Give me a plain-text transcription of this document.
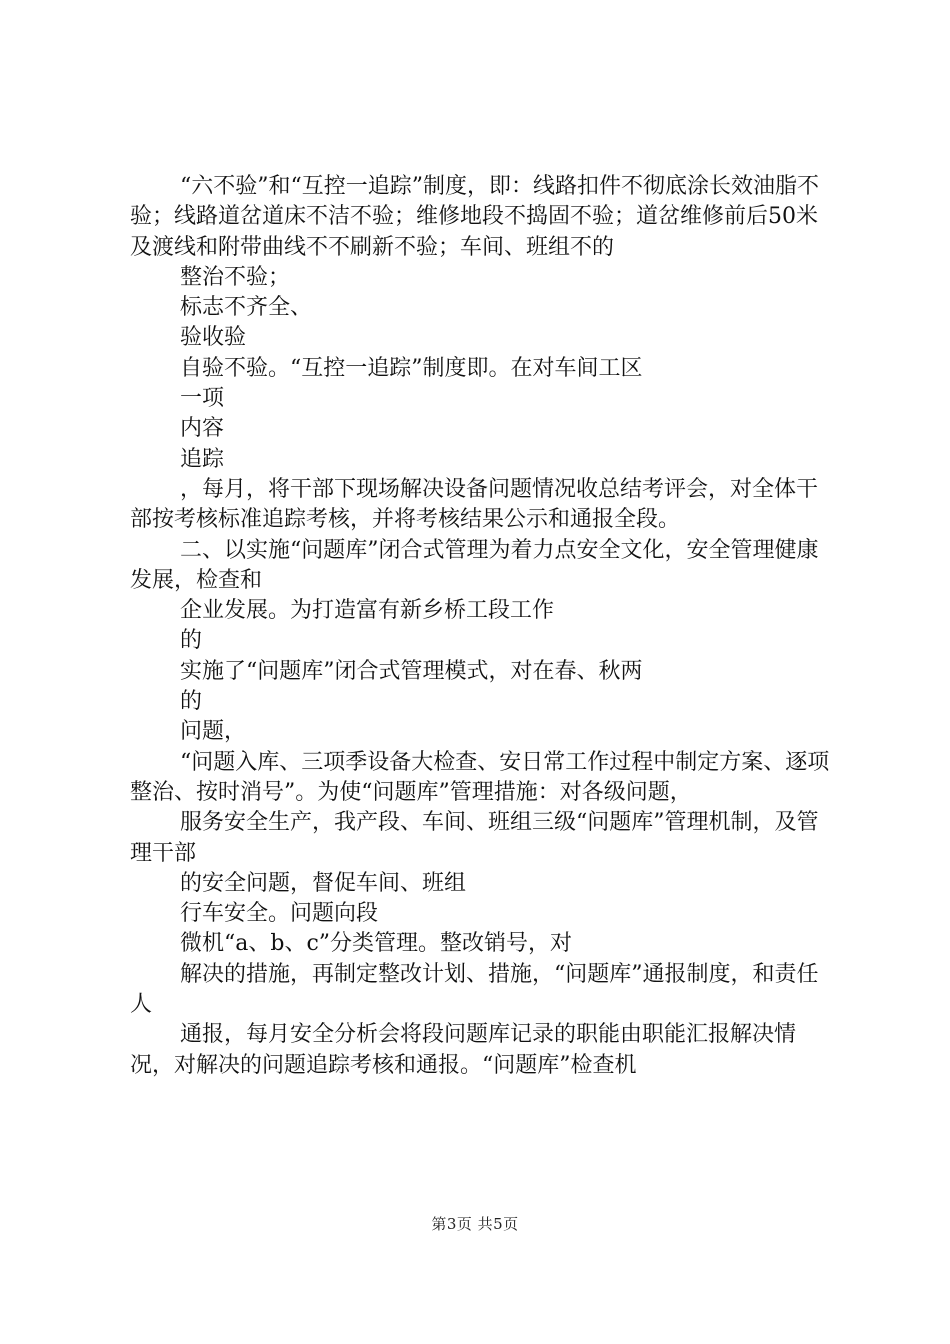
“六不验”和“互控一追踪”制度，即：线路扣件不彻底涂长效油脂不验；线路道岔道床不洁不验；维修地段不捣固不验；道岔维修前后50米及渡线和附带曲线不不刷新不验；车间、班组不的

整治不验；

标志不齐全、

验收验

自验不验。“互控一追踪”制度即。在对车间工区

一项

内容

追踪

，每月，将干部下现场解决设备问题情况收总结考评会，对全体干部按考核标准追踪考核，并将考核结果公示和通报全段。

二、以实施“问题库”闭合式管理为着力点安全文化，安全管理健康发展，检查和

企业发展。为打造富有新乡桥工段工作

的

实施了“问题库”闭合式管理模式，对在春、秋两

的

问题，

“问题入库、三项季设备大检查、安日常工作过程中制定方案、逐项整治、按时消号”。为使“问题库”管理措施：对各级问题，

服务安全生产，我产段、车间、班组三级“问题库”管理机制，及管理干部

的安全问题，督促车间、班组

行车安全。问题向段

微机“a、b、c”分类管理。整改销号，对

解决的措施，再制定整改计划、措施，“问题库”通报制度，和责任人

通报，每月安全分析会将段问题库记录的职能由职能汇报解决情况，对解决的问题追踪考核和通报。“问题库”检查机

第3页 共5页
